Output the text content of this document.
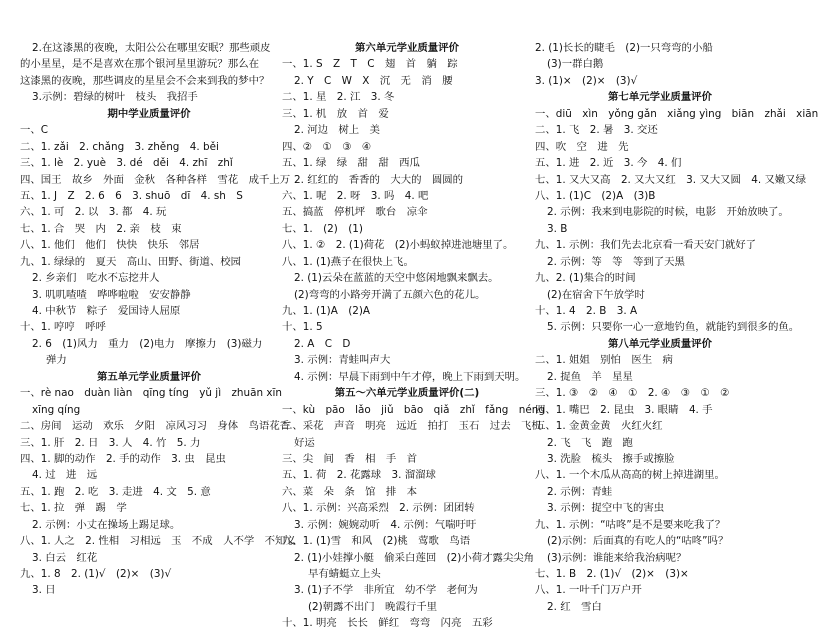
2.在这漆黑的夜晚，太阳公公在哪里安眠？那些顽皮
的小星星，是不是喜欢在那个银河星里游玩？那么在
这漆黑的夜晚，那些调皮的星星会不会来到我的梦中？
3.示例：碧绿的树叶　枝头　我招手
期中学业质量评价
一、C
二、1. zǎi　2. chǎng　3. zhěng　4. běi
三、1. lè　2. yuè　3. dé　děi　4. zhī　zhǐ
四、国王　故乡　外面　金秋　各种各样　雪花　成千上万
五、1. J　Z　2. 6　6　3. shuō　dī　4. sh　S
六、1. 可　2. 以　3. 都　4. 玩
七、1. 合　哭　内　2. 亲　枝　束
八、1. 他们　他们　快快　快乐　邻居
九、1. 绿绿的　夏天　高山、田野、街道、校园
2. 乡亲们　吃水不忘挖井人
3. 叽叽喳喳　哗哗啦啦　安安静静
4. 中秋节　粽子　爱国诗人屈原
十、1. 哼哼　呼呼
2. 6　(1)风力　重力　(2)电力　摩擦力　(3)磁力
弹力
第五单元学业质量评价
一、rè nao　duàn liàn　qīng tíng　yǔ jì　zhuān xīn
xīng qíng
二、房间　运动　欢乐　夕阳　凉风习习　身体　鸟语花香
三、1. 肝　2. 日　3. 人　4. 竹　5. 力
四、1. 脚的动作　2. 手的动作　3. 虫　昆虫
4. 过　进　远
五、1. 跑　2. 吃　3. 走进　4. 文　5. 意
七、1. 拉　弹　踢　学
2. 示例：小丈在操场上踢足球。
八、1. 人之　2. 性相　习相远　玉　不成　人不学　不知义
3. 白云　红花
九、1. 8　2. (1)√　(2)×　(3)√
3. 日
第六单元学业质量评价
一、1. S　Z　T　C　翅　首　躺　踪
2. Y　C　W　X　沉　无　消　腰
二、1. 星　2. 江　3. 冬
三、1. 机　放　首　爱
2. 河边　树上　美
四、②　①　③　④
五、1. 绿　绿　甜　甜　西瓜
2. 红红的　香香的　大大的　圆圆的
六、1. 呢　2. 呀　3. 吗　4. 吧
五、搞蓝　停机坪　歌台　凉伞
七、1.　(2)　(1)
八、1. ②　2. (1)荷花　(2)小蚂蚁掉进池塘里了。
八、1. (1)燕子在很快上飞。
2. (1)云朵在蓝蓝的天空中悠闲地飘来飘去。
(2)弯弯的小路旁开满了五颜六色的花儿。
九、1. (1)A　(2)A
十、1. 5
2. A　C　D
3. 示例：青蛙叫声大
4. 示例：早晨下雨到中午才停，晚上下雨到天明。
第五～六单元学业质量评价(二)
一、kù　pāo　lǎo　jiǔ　bāo　qiǎ　zhǐ　fǎng　néng
二、采花　声音　明亮　远近　拍打　玉石　过去　飞机
好运
三、尖　间　香　相　手　首
五、1. 荷　2. 花露球　3. 溜溜球
六、菜　朵　条　馆　排　本
八、1. 示例：兴高采烈　2. 示例：团团转
3. 示例：婉婉动听　4. 示例：气喘吁吁
九、1. (1)雪　和风　(2)桃　莺歌　鸟语
2. (1)小娃撑小艇　偷采白莲回　(2)小荷才露尖尖角
早有蜻蜓立上头
3. (1)子不学　非所宜　幼不学　老何为
(2)朝露不出门　晚霞行千里
十、1. 明亮　长长　鲜红　弯弯　闪亮　五彩
2. (1)长长的睫毛　(2)一只弯弯的小船
(3)一群白鹅
3. (1)×　(2)×　(3)√
第七单元学业质量评价
一、diū　xìn　yǒng gǎn　xiǎng yìng　biān　zhǎi　xiān
二、1. 飞　2. 暑　3. 交还
四、吹　空　进　先
五、1. 进　2. 近　3. 今　4. 们
七、1. 又大又高　2. 又大又红　3. 又大又圆　4. 又嫩又绿
八、1. (1)C　(2)A　(3)B
2. 示例：我来到电影院的时候，电影　开始放映了。
3. B
九、1. 示例：我们先去北京看一看天安门就好了
2. 示例：等　等　等到了天黑
九、2. (1)集合的时间
(2)在宿舍下午放学时
十、1. 4　2. B　3. A
5. 示例：只要你一心一意地钓鱼，就能钓到很多的鱼。
第八单元学业质量评价
二、1. 姐姐　别怕　医生　病
2. 捉鱼　羊　星星
三、1. ③　②　④　①　2. ④　③　①　②
四、1. 嘴巴　2. 昆虫　3. 眼睛　4. 手
五、1. 金黄金黄　火红火红
2. 飞　飞　跑　跑
3. 洗脸　梳头　擦手或擦脸
八、1. 一个木瓜从高高的树上掉进湖里。
2. 示例：青蛙
3. 示例：捉空中飞的害虫
九、1. 示例：“咕咚”是不是要来吃我了？
(2)示例：后面真的有吃人的“咕咚”吗？
(3)示例：谁能来给我治病呢？
七、1. B　2. (1)√　(2)×　(3)×
八、1. 一叶千门万户开
2. 红　雪白
